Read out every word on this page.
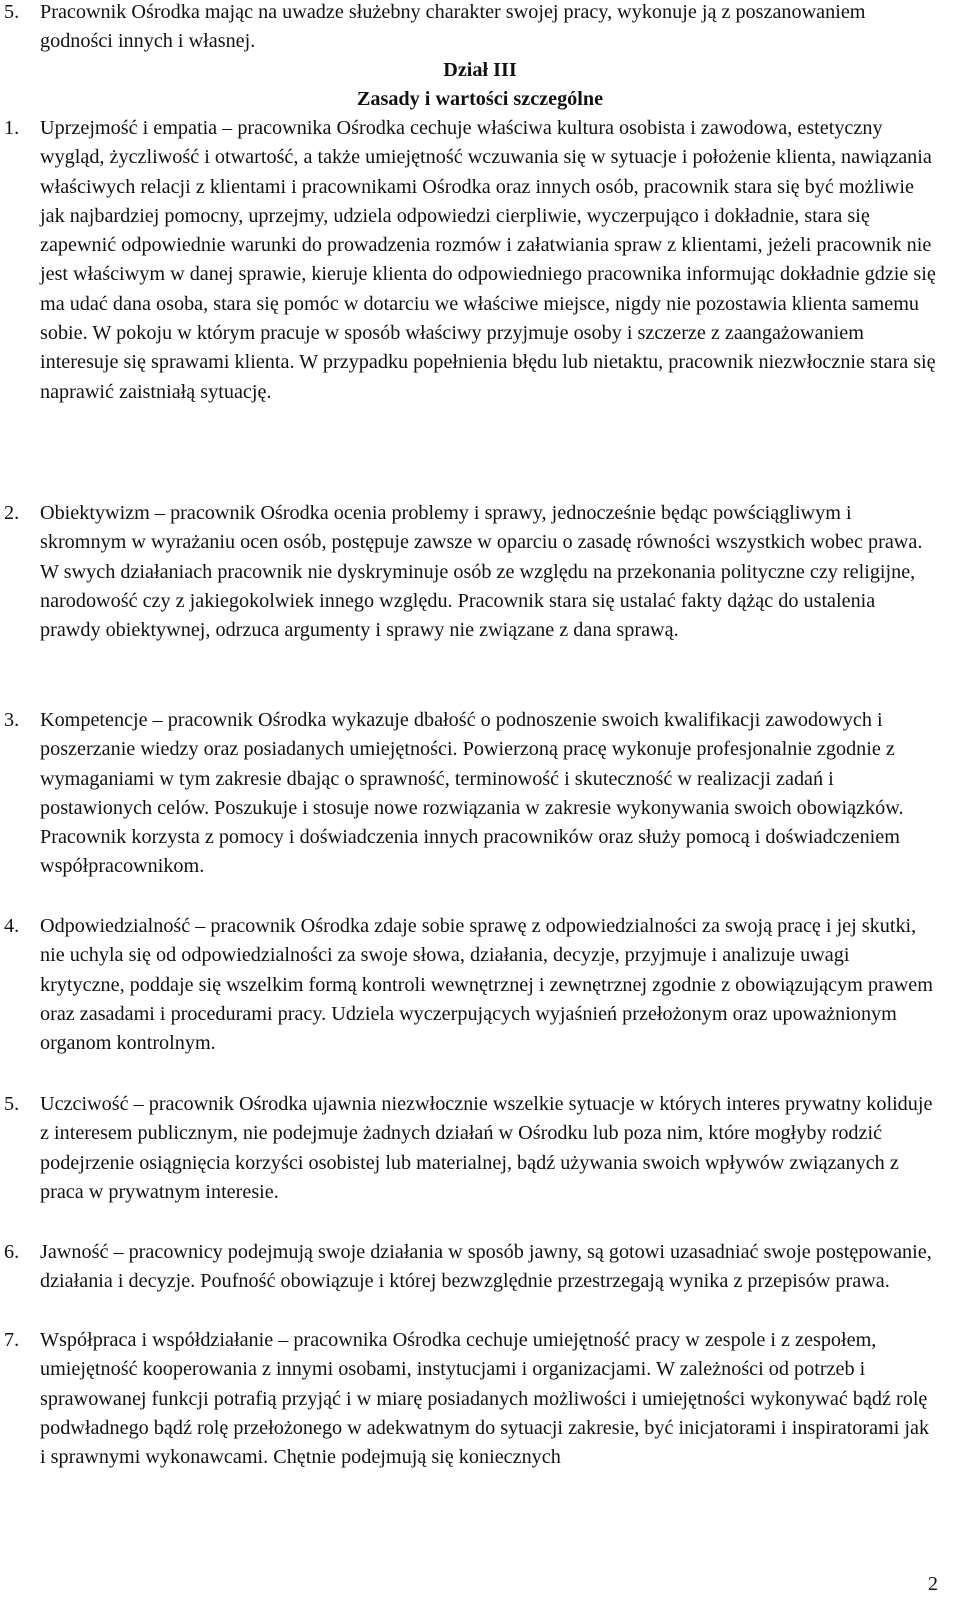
5. Pracownik Ośrodka mając na uwadze służebny charakter swojej pracy, wykonuje ją z poszanowaniem godności innych i własnej.
Dział III
Zasady i wartości szczególne
1. Uprzejmość i empatia – pracownika Ośrodka cechuje właściwa kultura osobista i zawodowa, estetyczny wygląd, życzliwość i otwartość, a także umiejętność wczuwania się w sytuacje i położenie klienta, nawiązania właściwych relacji z klientami i pracownikami Ośrodka oraz innych osób, pracownik stara się być możliwie jak najbardziej pomocny, uprzejmy, udziela odpowiedzi cierpliwie, wyczerpująco i dokładnie, stara się zapewnić odpowiednie warunki do prowadzenia rozmów i załatwiania spraw z klientami, jeżeli pracownik nie jest właściwym w danej sprawie, kieruje klienta do odpowiedniego pracownika informując dokładnie gdzie się ma udać dana osoba, stara się pomóc w dotarciu we właściwe miejsce, nigdy nie pozostawia klienta samemu sobie. W pokoju w którym pracuje w sposób właściwy przyjmuje osoby i szczerze z zaangażowaniem interesuje się sprawami klienta. W przypadku popełnienia błędu lub nietaktu, pracownik niezwłocznie stara się naprawić zaistniałą sytuację.
2. Obiektywizm – pracownik Ośrodka ocenia problemy i sprawy, jednocześnie będąc powściągliwym i skromnym w wyrażaniu ocen osób, postępuje zawsze w oparciu o zasadę równości wszystkich wobec prawa. W swych działaniach pracownik nie dyskryminuje osób ze względu na przekonania polityczne czy religijne, narodowość czy z jakiegokolwiek innego względu. Pracownik stara się ustalać fakty dążąc do ustalenia prawdy obiektywnej, odrzuca argumenty i sprawy nie związane z dana sprawą.
3. Kompetencje – pracownik Ośrodka wykazuje dbałość o podnoszenie swoich kwalifikacji zawodowych i poszerzanie wiedzy oraz posiadanych umiejętności. Powierzoną pracę wykonuje profesjonalnie zgodnie z wymaganiami w tym zakresie dbając o sprawność, terminowość i skuteczność w realizacji zadań i postawionych celów. Poszukuje i stosuje nowe rozwiązania w zakresie wykonywania swoich obowiązków. Pracownik korzysta z pomocy i doświadczenia innych pracowników oraz służy pomocą i doświadczeniem współpracownikom.
4. Odpowiedzialność – pracownik Ośrodka zdaje sobie sprawę z odpowiedzialności za swoją pracę i jej skutki, nie uchyla się od odpowiedzialności za swoje słowa, działania, decyzje, przyjmuje i analizuje uwagi krytyczne, poddaje się wszelkim formą kontroli wewnętrznej i zewnętrznej zgodnie z obowiązującym prawem oraz zasadami i procedurami pracy. Udziela wyczerpujących wyjaśnień przełożonym oraz upoważnionym organom kontrolnym.
5. Uczciwość – pracownik Ośrodka ujawnia niezwłocznie wszelkie sytuacje w których interes prywatny koliduje z interesem publicznym, nie podejmuje żadnych działań w Ośrodku lub poza nim, które mogłyby rodzić podejrzenie osiągnięcia korzyści osobistej lub materialnej, bądź używania swoich wpływów związanych z praca w prywatnym interesie.
6. Jawność – pracownicy podejmują swoje działania w sposób jawny, są gotowi uzasadniać swoje postępowanie, działania i decyzje. Poufność obowiązuje i której bezwzględnie przestrzegają wynika z przepisów prawa.
7. Współpraca i współdziałanie – pracownika Ośrodka cechuje umiejętność pracy w zespole i z zespołem, umiejętność kooperowania z innymi osobami, instytucjami i organizacjami. W zależności od potrzeb i sprawowanej funkcji potrafią przyjąć i w miarę posiadanych możliwości i umiejętności wykonywać bądź rolę podwładnego bądź rolę przełożonego w adekwatnym do sytuacji zakresie, być inicjatorami i inspiratorami jak i sprawnymi wykonawcami. Chętnie podejmują się koniecznych
2
